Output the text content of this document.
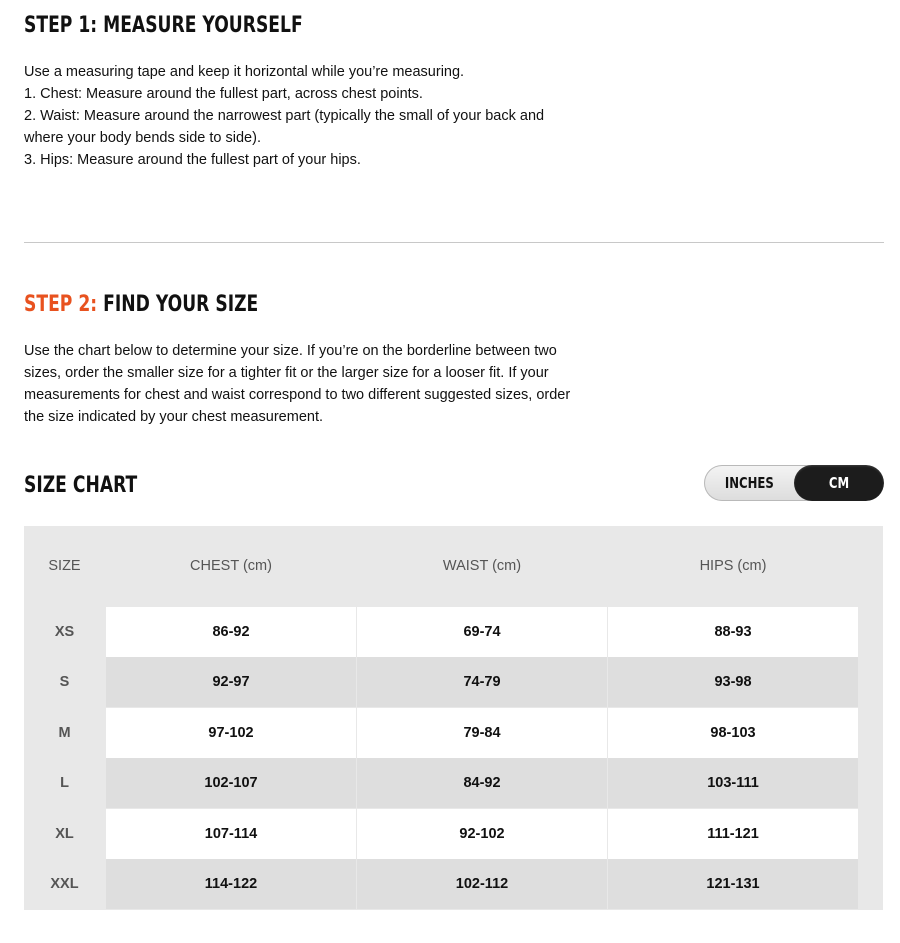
STEP 1: MEASURE YOURSELF
Use a measuring tape and keep it horizontal while you’re measuring.
1. Chest: Measure around the fullest part, across chest points.
2. Waist: Measure around the narrowest part (typically the small of your back and where your body bends side to side).
3. Hips: Measure around the fullest part of your hips.
STEP 2: FIND YOUR SIZE
Use the chart below to determine your size. If you’re on the borderline between two sizes, order the smaller size for a tighter fit or the larger size for a looser fit. If your measurements for chest and waist correspond to two different suggested sizes, order the size indicated by your chest measurement.
SIZE CHART	INCHES	CM
SIZE	CHEST (cm)	WAIST (cm)	HIPS (cm)
XS	86-92	69-74	88-93
S	92-97	74-79	93-98
M	97-102	79-84	98-103
L	102-107	84-92	103-111
XL	107-114	92-102	111-121
XXL	114-122	102-112	121-131
